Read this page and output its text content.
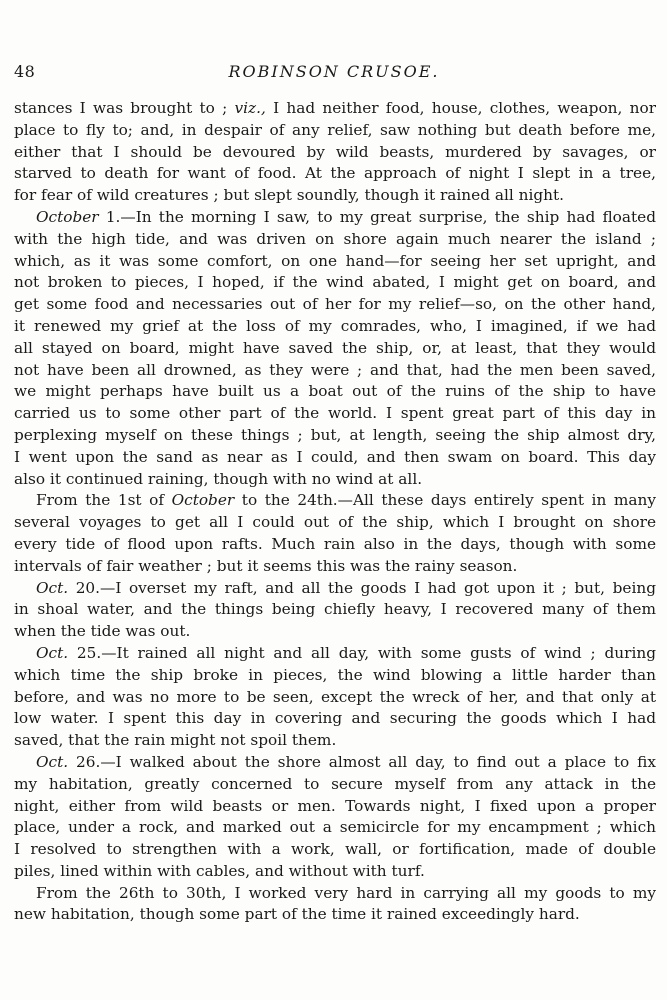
48	ROBINSON CRUSOE.
stances I was brought to ; viz., I had neither food, house, clothes, weapon, nor
place to fly to; and, in despair of any relief, saw nothing but death before me,
either that I should be devoured by wild beasts, murdered by savages, or
starved to death for want of food. At the approach of night I slept in a tree,
for fear of wild creatures ; but slept soundly, though it rained all night.
October 1.—In the morning I saw, to my great surprise, the ship had floated
with the high tide, and was driven on shore again much nearer the island ;
which, as it was some comfort, on one hand—for seeing her set upright, and
not broken to pieces, I hoped, if the wind abated, I might get on board, and
get some food and necessaries out of her for my relief—so, on the other hand,
it renewed my grief at the loss of my comrades, who, I imagined, if we had
all stayed on board, might have saved the ship, or, at least, that they would
not have been all drowned, as they were ; and that, had the men been saved,
we might perhaps have built us a boat out of the ruins of the ship to have
carried us to some other part of the world. I spent great part of this day in
perplexing myself on these things ; but, at length, seeing the ship almost dry,
I went upon the sand as near as I could, and then swam on board. This day
also it continued raining, though with no wind at all.
From the 1st of October to the 24th.—All these days entirely spent in many
several voyages to get all I could out of the ship, which I brought on shore
every tide of flood upon rafts. Much rain also in the days, though with some
intervals of fair weather ; but it seems this was the rainy season.
Oct. 20.—I overset my raft, and all the goods I had got upon it ; but, being
in shoal water, and the things being chiefly heavy, I recovered many of them
when the tide was out.
Oct. 25.—It rained all night and all day, with some gusts of wind ; during
which time the ship broke in pieces, the wind blowing a little harder than
before, and was no more to be seen, except the wreck of her, and that only at
low water. I spent this day in covering and securing the goods which I had
saved, that the rain might not spoil them.
Oct. 26.—I walked about the shore almost all day, to find out a place to fix
my habitation, greatly concerned to secure myself from any attack in the
night, either from wild beasts or men. Towards night, I fixed upon a proper
place, under a rock, and marked out a semicircle for my encampment ; which
I resolved to strengthen with a work, wall, or fortification, made of double
piles, lined within with cables, and without with turf.
From the 26th to 30th, I worked very hard in carrying all my goods to my
new habitation, though some part of the time it rained exceedingly hard.
